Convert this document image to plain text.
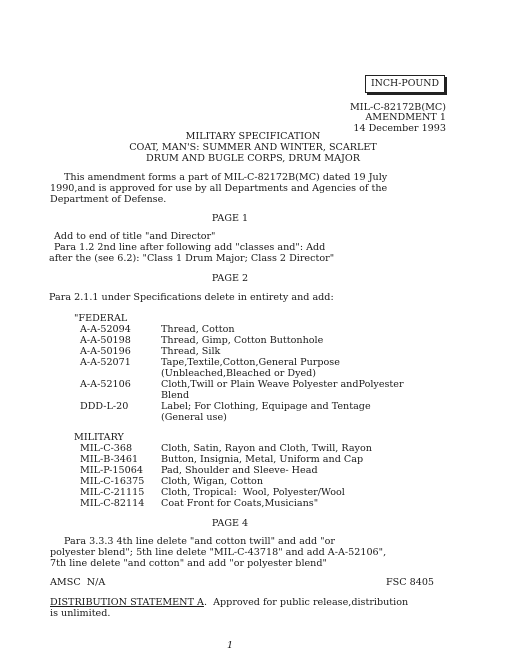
INCH-POUND
MIL-C-82172B(MC)
AMENDMENT 1
14 December 1993
MILITARY SPECIFICATION
COAT, MAN'S: SUMMER AND WINTER, SCARLET
DRUM AND BUGLE CORPS, DRUM MAJOR
This amendment forms a part of MIL-C-82172B(MC) dated 19 July
1990,and is approved for use by all Departments and Agencies of the
Department of Defense.
PAGE 1
Add to end of title "and Director"
Para 1.2 2nd line after following add "classes and": Add
after the (see 6.2): "Class 1 Drum Major; Class 2 Director"
PAGE 2
Para 2.1.1 under Specifications delete in entirety and add:
"FEDERAL
A-A-52094	Thread, Cotton
A-A-50198	Thread, Gimp, Cotton Buttonhole
A-A-50196	Thread, Silk
A-A-52071	Tape,Textile,Cotton,General Purpose
(Unbleached,Bleached or Dyed)
A-A-52106	Cloth,Twill or Plain Weave Polyester andPolyester
Blend
DDD-L-20	Label; For Clothing, Equipage and Tentage
(General use)
MILITARY
MIL-C-368	Cloth, Satin, Rayon and Cloth, Twill, Rayon
MIL-B-3461 Button, Insignia, Metal, Uniform and Cap
MIL-P-15064 Pad, Shoulder and Sleeve- Head
MIL-C-16375 Cloth, Wigan, Cotton
MIL-C-21115 Cloth, Tropical:  Wool, Polyester/Wool
MIL-C-82114 Coat Front for Coats,Musicians"
PAGE 4
Para 3.3.3 4th line delete "and cotton twill" and add "or
polyester blend"; 5th line delete "MIL-C-43718" and add A-A-52106",
7th line delete "and cotton" and add "or polyester blend"
AMSC  N/A	FSC 8405
DISTRIBUTION STATEMENT A.  Approved for public release,distribution
is unlimited.
1
